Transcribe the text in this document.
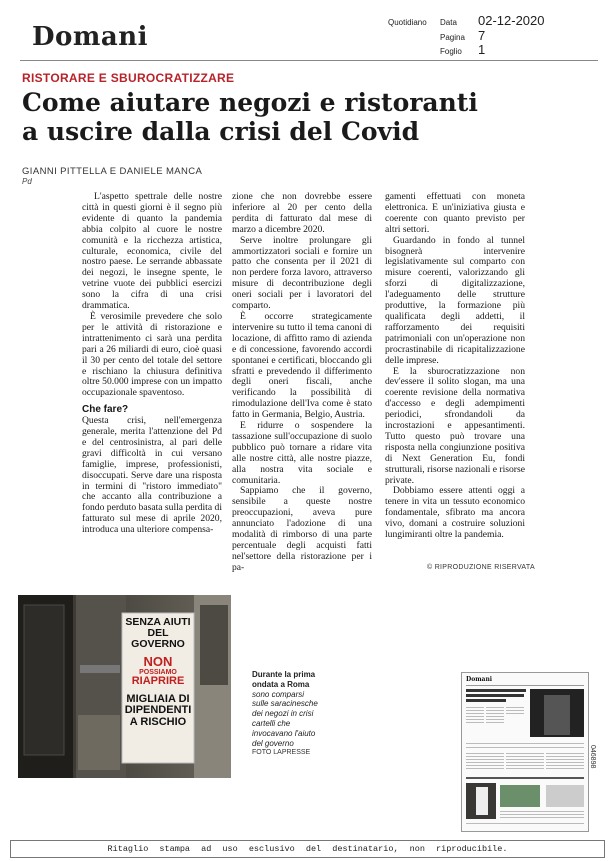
Domani	Quotidiano Data 02-12-2020
Pagina 7
Foglio 1
RISTORARE E SBUROCRATIZZARE
Come aiutare negozi e ristoranti a uscire dalla crisi del Covid
GIANNI PITTELLA E DANIELE MANCA
Pd

L'aspetto spettrale delle nostre città in questi giorni è il segno più evidente di quanto la pandemia abbia colpito al cuore le nostre comunità e la ricchezza artistica, culturale, economica, civile del nostro paese. Le serrande abbassate dei negozi, le insegne spente, le vetrine vuote dei pubblici esercizi sono la cifra di una crisi drammatica.

È verosimile prevedere che solo per le attività di ristorazione e intrattenimento ci sarà una perdita pari a 26 miliardi di euro, cioè quasi il 30 per cento del totale del settore e rischiano la chiusura definitiva oltre 50.000 imprese con un impatto occupazionale spaventoso.

Che fare?

Questa crisi, nell'emergenza generale, merita l'attenzione del Pd e del centrosinistra, al pari delle gravi difficoltà in cui versano famiglie, imprese, professionisti, disoccupati. Serve dare una risposta in termini di "ristoro immediato" che accanto alla contribuzione a fondo perduto basata sulla perdita di fatturato sul mese di aprile 2020, introduca una ulteriore compensa-

zione che non dovrebbe essere inferiore al 20 per cento della perdita di fatturato dal mese di marzo a dicembre 2020.

Serve inoltre prolungare gli ammortizzatori sociali e fornire un patto che consenta per il 2021 di non perdere forza lavoro, attraverso misure di decontribuzione degli oneri sociali per i lavoratori del comparto.

È occorre strategicamente intervenire su tutto il tema canoni di locazione, di affitto ramo di azienda e di concessione, favorendo accordi spontanei e certificati, bloccando gli sfratti e prevedendo il differimento degli oneri fiscali, anche verificando la possibilità di rimodulazione dell'Iva come è stato fatto in Germania, Belgio, Austria.

E ridurre o sospendere la tassazione sull'occupazione di suolo pubblico può tornare a ridare vita alle nostre città, alle nostre piazze, alla nostra vita sociale e comunitaria.

Sappiamo che il governo, sensibile a queste nostre preoccupazioni, aveva pure annunciato l'adozione di una modalità di rimborso di una parte percentuale degli acquisti fatti nel'settore della ristorazione per i pa-

gamenti effettuati con moneta elettronica. E un'iniziativa giusta e coerente con quanto previsto per altri settori.

Guardando in fondo al tunnel bisognerà intervenire legislativamente sul comparto con misure coerenti, valorizzando gli sforzi di digitalizzazione, l'adeguamento delle strutture produttive, la formazione più qualificata degli addetti, il rafforzamento dei requisiti patrimoniali con un'operazione non procrastinabile di ricapitalizzazione delle imprese.

E la sburocratizzazione non dev'essere il solito slogan, ma una coerente revisione della normativa d'accesso e degli adempimenti periodici, sfrondandoli da incrostazioni e appesantimenti. Tutto questo può trovare una risposta nella congiunzione positiva di Next Generation Eu, fondi strutturali, risorse nazionali e risorse private.

Dobbiamo essere attenti oggi a tenere in vita un tessuto economico fondamentale, sfibrato ma ancora vivo, domani a costruire soluzioni lungimiranti oltre la pandemia.

© RIPRODUZIONE RISERVATA
SENZA AIUTI
DEL GOVERNO
NON
POSSIAMO
RIAPRIRE
MIGLIAIA DI
DIPENDENTI
A RISCHIO
Durante la prima ondata a Roma sono comparsi sulle saracinesche dei negozi in crisi cartelli che invocavano l'aiuto del governo
FOTO LAPRESSE
Domani
046898
Ritaglio stampa ad uso esclusivo del destinatario, non riproducibile.
